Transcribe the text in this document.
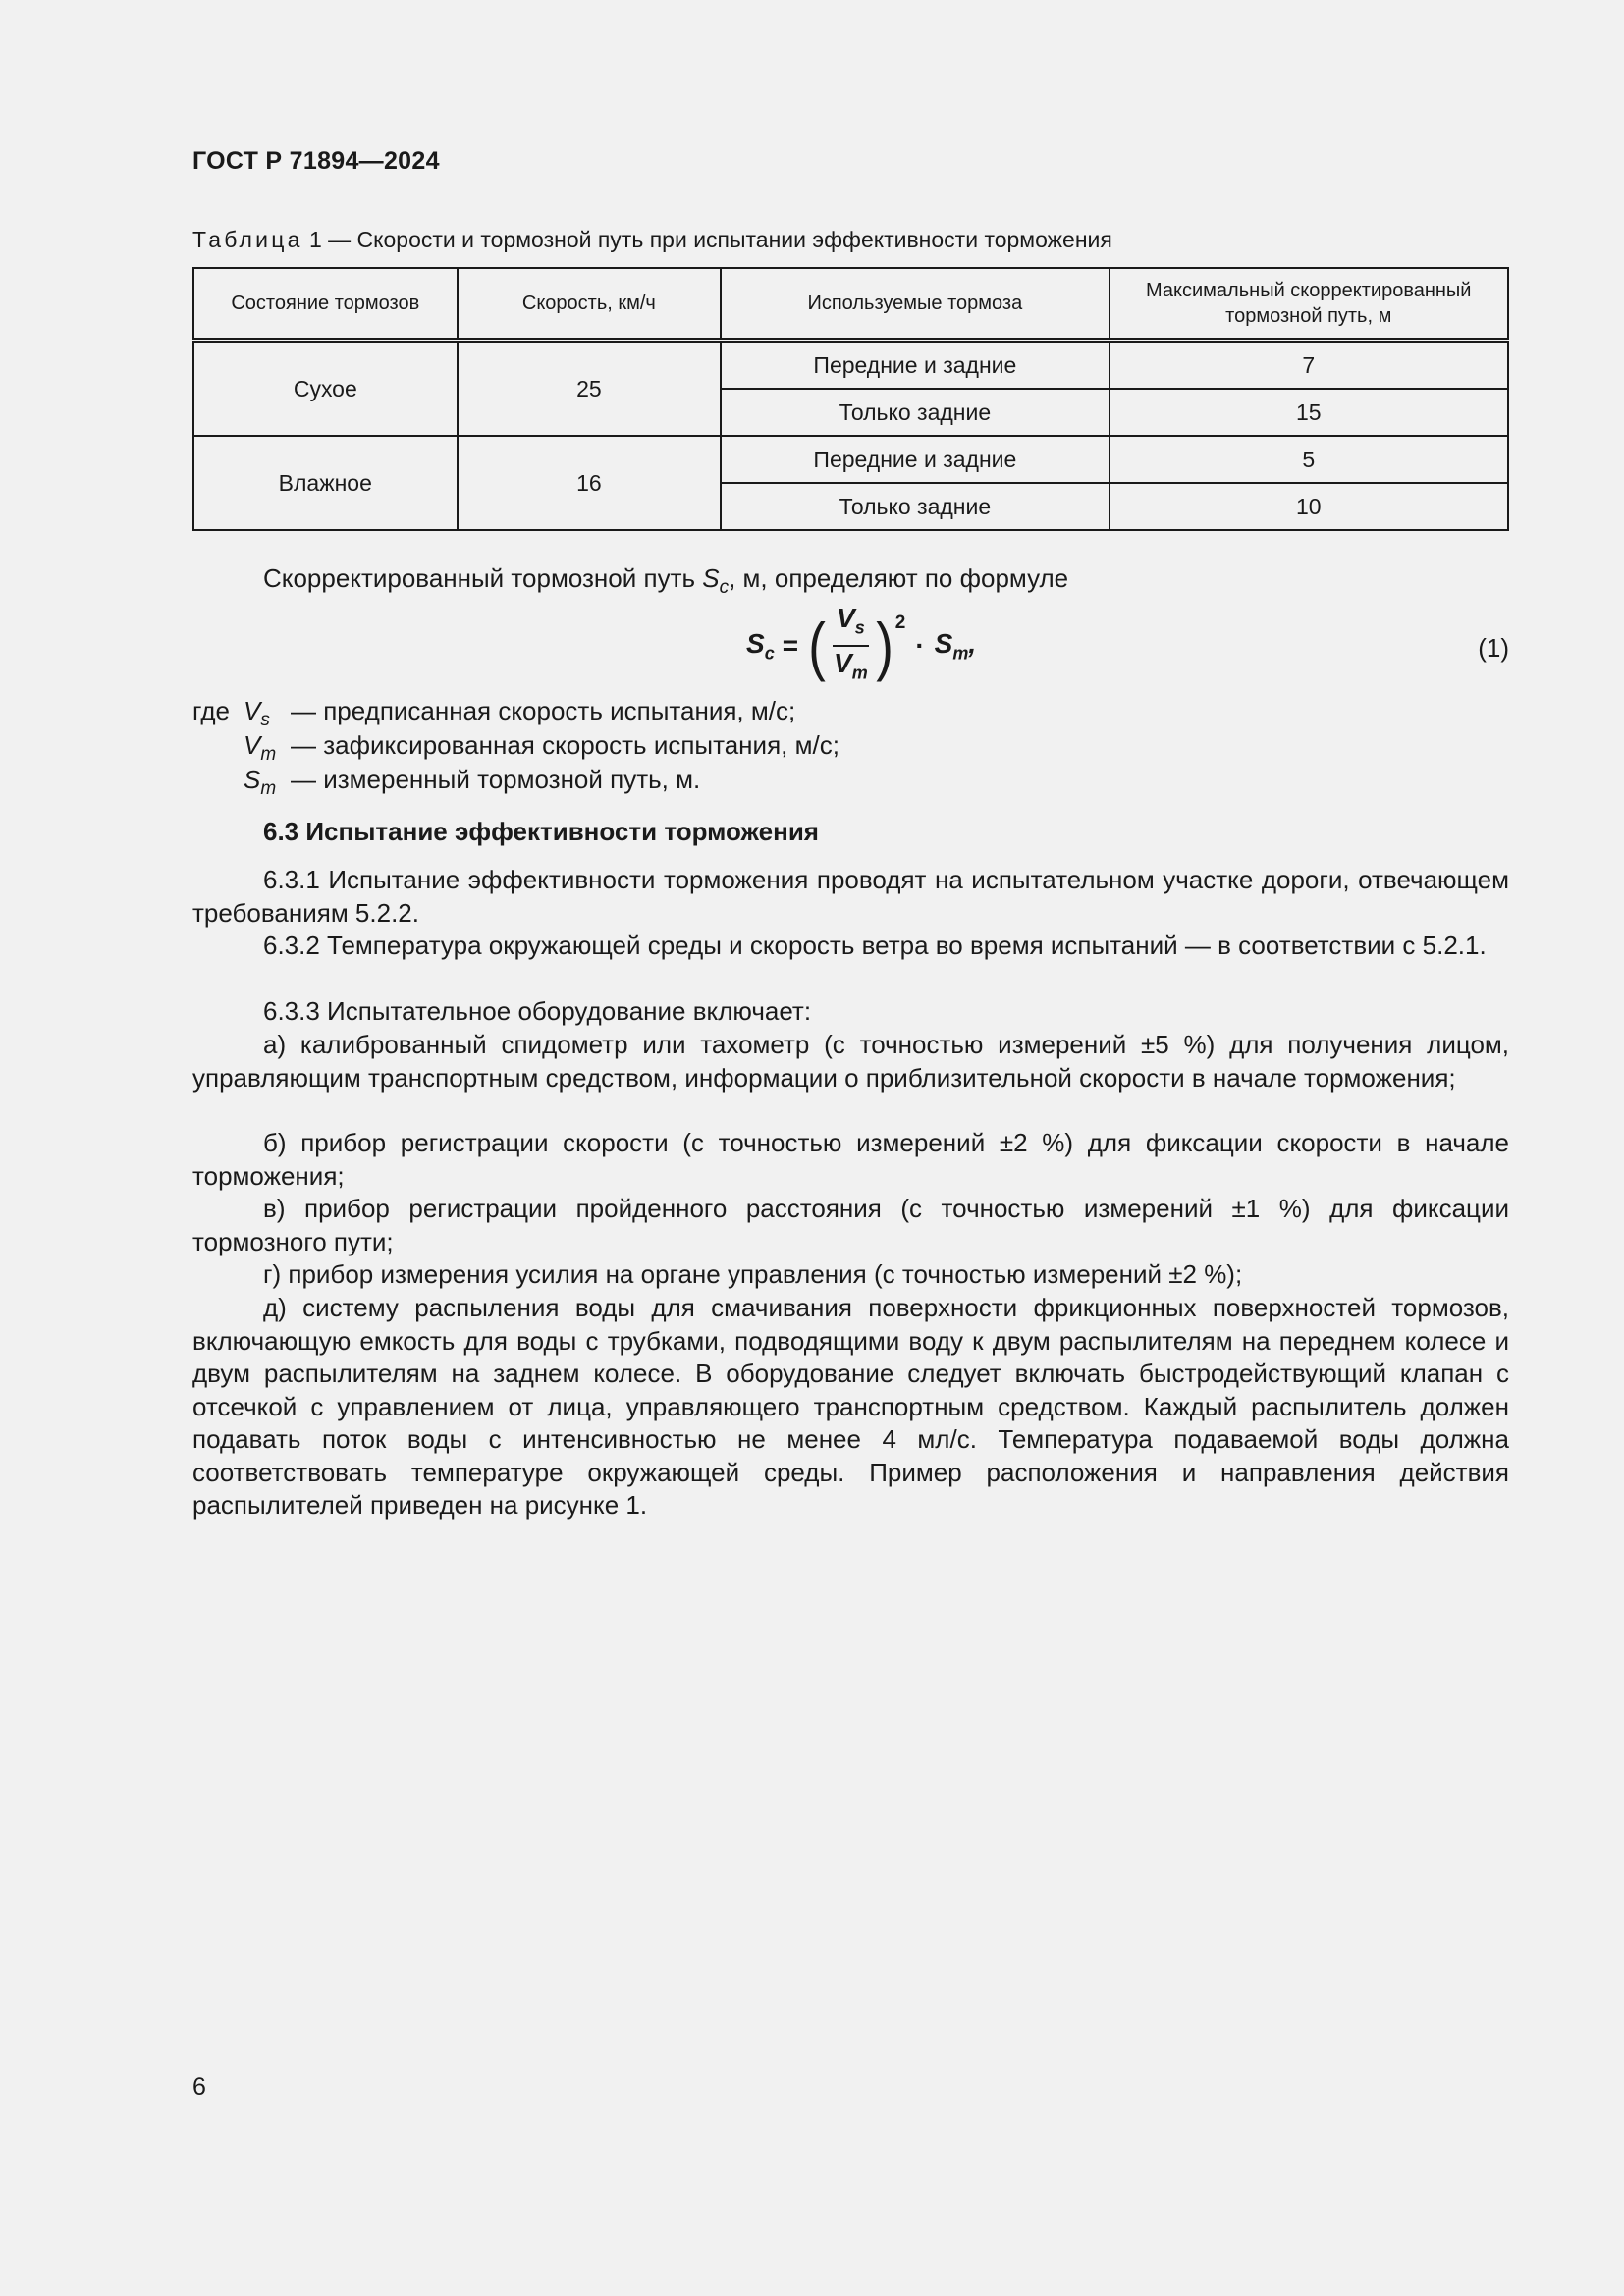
ГОСТ Р 71894—2024
Таблица 1 — Скорости и тормозной путь при испытании эффективности торможения
Состояние тормозов	Скорость, км/ч	Используемые тормоза	Максимальный скорректированный тормозной путь, м
Сухое	25	Передние и задние	7
		Только задние	15
Влажное	16	Передние и задние	5
		Только задние	10
Скорректированный тормозной путь $S_c$, м, определяют по формуле
$S_c$ = ( $\frac{V_s}{V_m}$ ) 2
· $S_m$,	(1)
где $V_s$ — предписанная скорость испытания, м/с;
$V_m$ — зафиксированная скорость испытания, м/с;
$S_m$ — измеренный тормозной путь, м.
6.3 Испытание эффективности торможения
6.3.1 Испытание эффективности торможения проводят на испытательном участке дороги, отвечающем требованиям 5.2.2.
6.3.2 Температура окружающей среды и скорость ветра во время испытаний — в соответствии с 5.2.1.
6.3.3 Испытательное оборудование включает:
а) калиброванный спидометр или тахометр (с точностью измерений ±5 %) для получения лицом, управляющим транспортным средством, информации о приблизительной скорости в начале торможения;
б) прибор регистрации скорости (с точностью измерений ±2 %) для фиксации скорости в начале торможения;
в) прибор регистрации пройденного расстояния (с точностью измерений ±1 %) для фиксации тормозного пути;
г) прибор измерения усилия на органе управления (с точностью измерений ±2 %);
д) систему распыления воды для смачивания поверхности фрикционных поверхностей тормозов, включающую емкость для воды с трубками, подводящими воду к двум распылителям на переднем колесе и двум распылителям на заднем колесе. В оборудование следует включать быстродействующий клапан с отсечкой с управлением от лица, управляющего транспортным средством. Каждый распылитель должен подавать поток воды с интенсивностью не менее 4 мл/с. Температура подаваемой воды должна соответствовать температуре окружающей среды. Пример расположения и направления действия распылителей приведен на рисунке 1.
6
